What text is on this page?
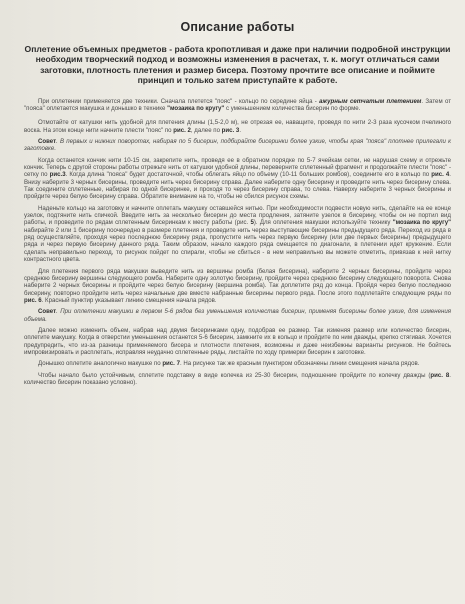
Описание работы

Оплетение объемных предметов - работа кропотливая и даже при наличии подробной инструкции необходим творческий подход и возможны изменения в расчетах, т. к. могут отличаться сами заготовки, плотность плетения и размер бисера. Поэтому прочтите все описание и поймите принцип и только затем приступайте к работе.

При оплетении применяется две техники. Сначала плетется "пояс" - кольцо по середине яйца - ажурным сетчатым плетением. Затем от "пояса" оплетается макушка и донышко в технике "мозаика по кругу" с уменьшением количества бисерин по форме.

Отмотайте от катушки нить удобной для плетения длины (1,5-2,0 м), не отрезая ее, наващите, проведя по нити 2-3 раза кусочком пчелиного воска. На этом конце нити начните плести "пояс" по рис. 2, далее по рис. 3.

Совет. В первых и нижних поворотах, набирая по 5 бисерин, подбирайте бисеринки более узкие, чтобы края "пояса" плотнее прилегали к заготовке.

Когда останется кончик нити 10-15 см, закрепите нить, проведя ее в обратном порядке по 5-7 ячейкам сетки, не нарушая схему и отрежьте кончик. Теперь с другой стороны работы отрежьте нить от катушки удобной длины, переверните сплетенный фрагмент и продолжайте плести "пояс" - сетку по рис.3. Когда длина "пояса" будет достаточной, чтобы облегать яйцо по объему (10-11 больших ромбов), соедините его в кольцо по рис. 4. Внизу наберите 3 черных бисерины, проведите нить через бисерину справа. Далее наберите одну бисерину и проведите нить через бисерину слева. Так соедините сплетенные, набирая по одной бисеринке, и проходя то через бисерину справа, то слева. Наверху наберите 3 черных бисерины и пройдите через белую бисерину справа. Обратите внимание на то, чтобы не сбился рисунок схемы.

Наденьте кольцо на заготовку и начните оплетать макушку оставшейся нитью. При необходимости подвести новую нить, сделайте на ее конце узелок, подтяните нить спичкой. Введите нить за несколько бисерин до места продления, затяните узелок в бисерину, чтобы он не портил вид работы, и проведите по рядам сплетенным бисеринкам к месту работы (рис. 5). Для оплетения макушки используйте технику "мозаика по кругу" набирайте 2 или 1 бисерину поочередно в размере плетения и проведите нить через выступающие бисерины предыдущего ряда. Переход из ряда в ряд осуществляйте, проходя через последнюю бисерину ряда, пропустите нить через первую бисерину (или две первых бисерины) предыдущего ряда и через первую бисерину данного ряда. Таким образом, начало каждого ряда смещается по диагонали, в плетении идет кружение. Если сделать неправильно переход, то рисунок пойдет по спирали, чтобы не сбиться - в нем неправильно вы можете отметить, привязав к ней нитку контрастного цвета.

Для плетения первого ряда макушки выведите нить из вершины ромба (белая бисерина), наберите 2 черных бисерины, пройдите через среднюю бисерину вершины следующего ромба. Наберите одну золотую бисерину, пройдите через среднюю бисерину следующего поворота. Снова наберите 2 черных бисерины и пройдите через белую бисерину (вершина ромба). Так доплетите ряд до конца. Пройдя через белую последнюю бисерину, повторно пройдите нить через начальные две вместе набранные бисерины первого ряда. После этого подплетайте следующие ряды по рис. 6. Красный пунктир указывает линию смещения начала рядов.

Совет. При оплетении макушки в первом 5-6 рядов без уменьшения количества бисерин, применяя бисерины более узкие, для изменения объема.

Далее можно изменить объем, набрав над двумя бисеринками одну, подобрав ее размер. Так изменяя размер или количество бисерин, оплетите макушку. Когда в отверстии уменьшения останется 5-6 бисерин, замкните их в кольцо и пройдите по ним дважды, крепко стягивая. Хочется предупредить, что из-за разницы применяемого бисера и плотности плетения, возможны и даже неизбежны варианты рисунков. Не бойтесь импровизировать и расплетать, исправляя неудачно сплетенные ряды, листайте по ходу примерки бисерин к заготовке.

Донышко оплетите аналогично макушке по рис. 7. На рисунке так же красным пунктиром обозначены линии смещения начала рядов.

Чтобы начало было устойчивым, сплетите подставку в виде колечка из 25-30 бисерин, подношение пройдите по колечку дважды (рис. 8. количество бисерин показано условно).
